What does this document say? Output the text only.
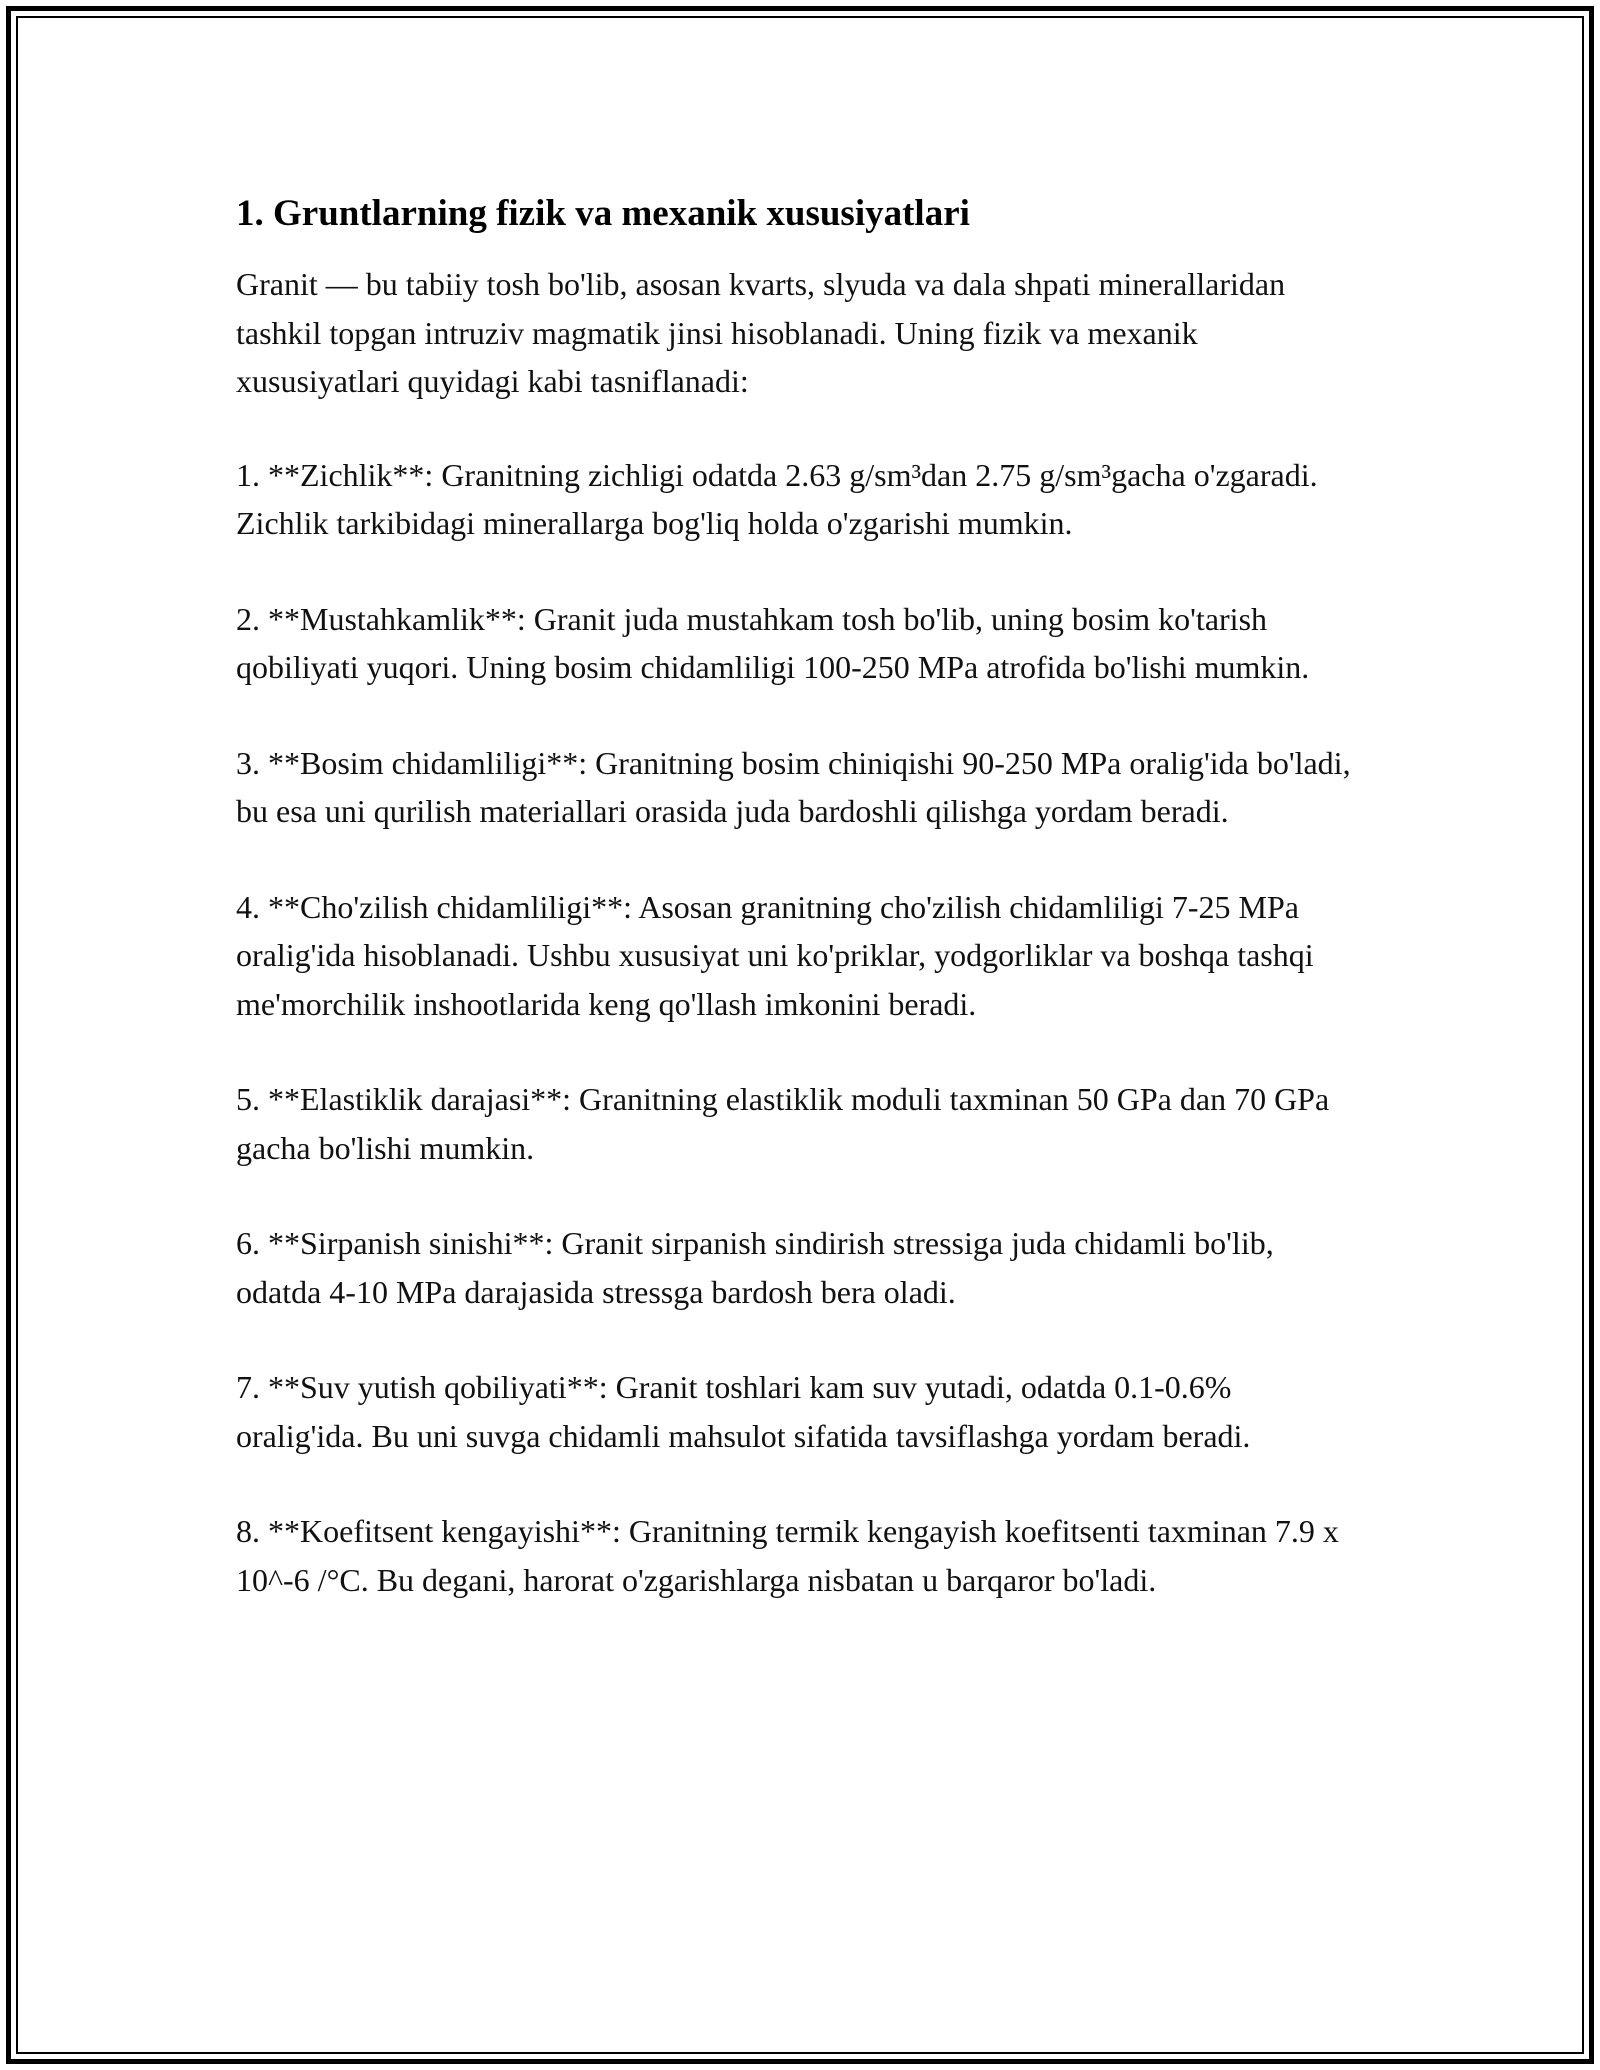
1. Gruntlarning fizik va mexanik xususiyatlari

Granit — bu tabiiy tosh bo'lib, asosan kvarts, slyuda va dala shpati minerallaridan tashkil topgan intruziv magmatik jinsi hisoblanadi. Uning fizik va mexanik xususiyatlari quyidagi kabi tasniflanadi:

1. **Zichlik**: Granitning zichligi odatda 2.63 g/sm³dan 2.75 g/sm³gacha o'zgaradi. Zichlik tarkibidagi minerallarga bog'liq holda o'zgarishi mumkin.

2. **Mustahkamlik**: Granit juda mustahkam tosh bo'lib, uning bosim ko'tarish qobiliyati yuqori. Uning bosim chidamliligi 100-250 MPa atrofida bo'lishi mumkin.

3. **Bosim chidamliligi**: Granitning bosim chiniqishi 90-250 MPa oralig'ida bo'ladi, bu esa uni qurilish materiallari orasida juda bardoshli qilishga yordam beradi.

4. **Cho'zilish chidamliligi**: Asosan granitning cho'zilish chidamliligi 7-25 MPa oralig'ida hisoblanadi. Ushbu xususiyat uni ko'priklar, yodgorliklar va boshqa tashqi me'morchilik inshootlarida keng qo'llash imkonini beradi.

5. **Elastiklik darajasi**: Granitning elastiklik moduli taxminan 50 GPa dan 70 GPa gacha bo'lishi mumkin.

6. **Sirpanish sinishi**: Granit sirpanish sindirish stressiga juda chidamli bo'lib, odatda 4-10 MPa darajasida stressga bardosh bera oladi.

7. **Suv yutish qobiliyati**: Granit toshlari kam suv yutadi, odatda 0.1-0.6% oralig'ida. Bu uni suvga chidamli mahsulot sifatida tavsiflashga yordam beradi.

8. **Koefitsent kengayishi**: Granitning termik kengayish koefitsenti taxminan 7.9 x 10^-6 /°C. Bu degani, harorat o'zgarishlarga nisbatan u barqaror bo'ladi.
